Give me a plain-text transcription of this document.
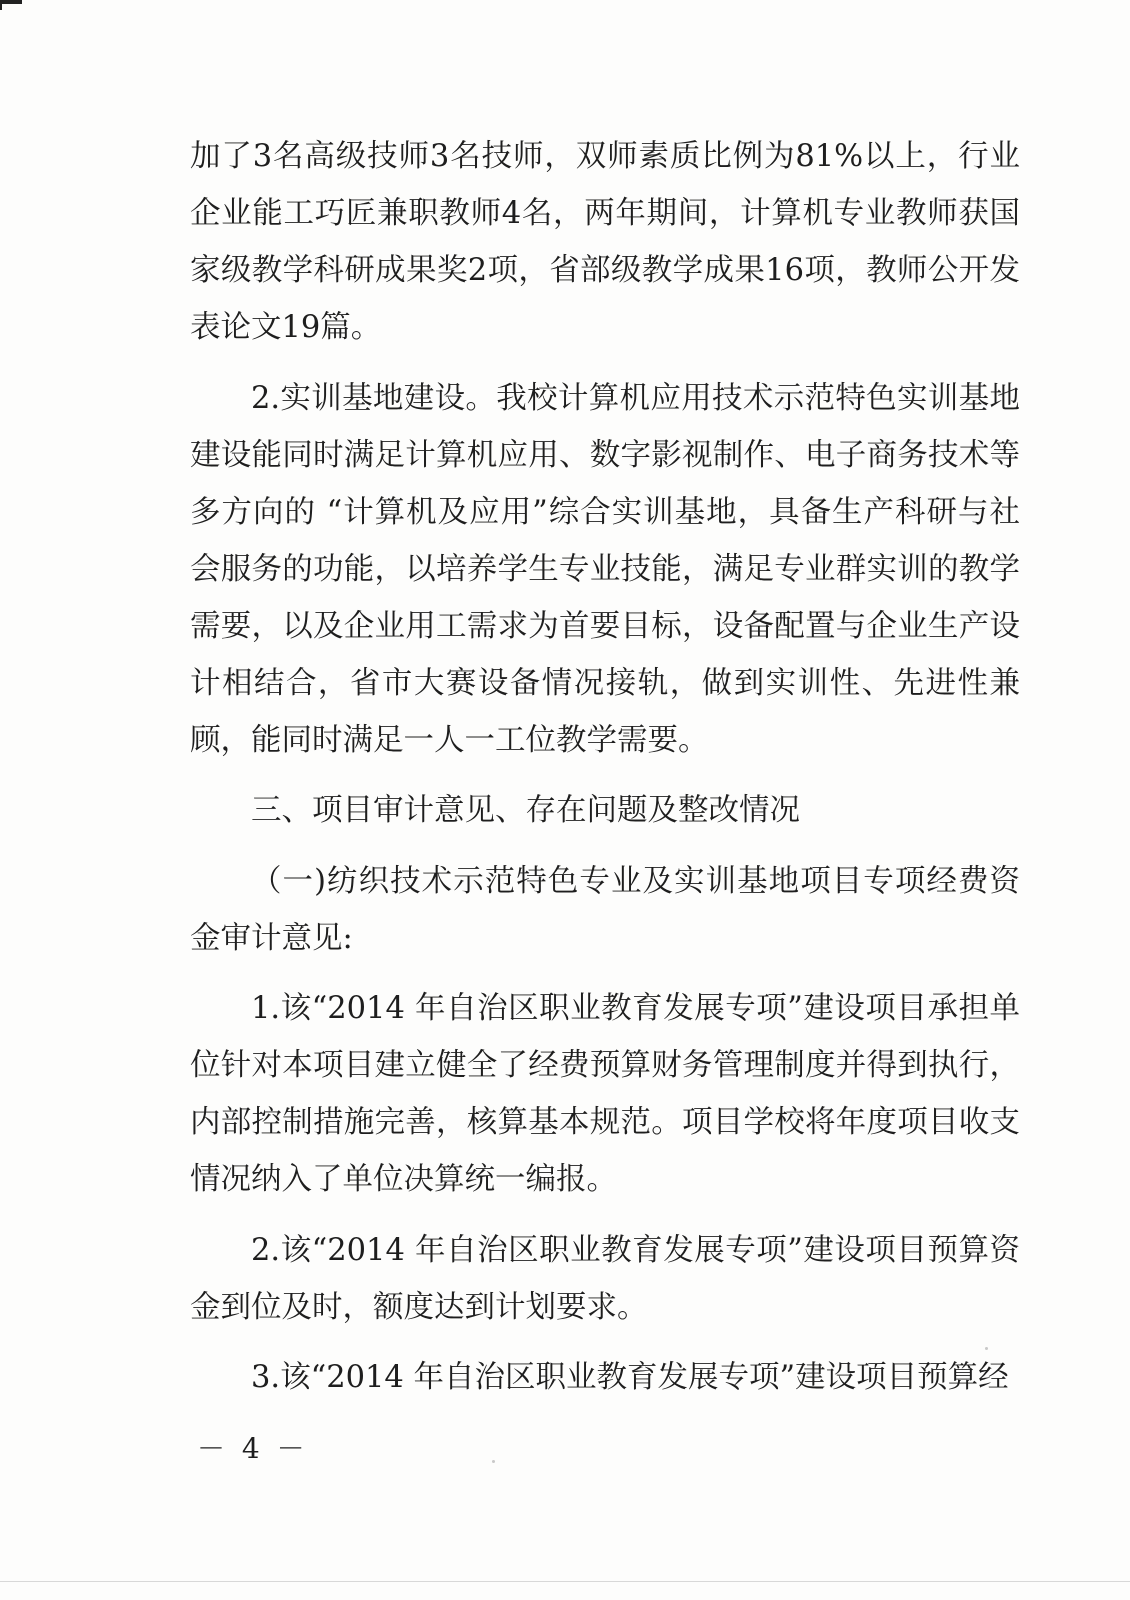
加了3名高级技师3名技师，双师素质比例为81%以上，行业企业能工巧匠兼职教师4名，两年期间，计算机专业教师获国家级教学科研成果奖2项，省部级教学成果16项，教师公开发表论文19篇。

2.实训基地建设。我校计算机应用技术示范特色实训基地建设能同时满足计算机应用、数字影视制作、电子商务技术等多方向的 “计算机及应用”综合实训基地，具备生产科研与社会服务的功能，以培养学生专业技能，满足专业群实训的教学需要，以及企业用工需求为首要目标，设备配置与企业生产设计相结合，省市大赛设备情况接轨，做到实训性、先进性兼顾，能同时满足一人一工位教学需要。

三、项目审计意见、存在问题及整改情况

（一)纺织技术示范特色专业及实训基地项目专项经费资金审计意见:

1.该“2014 年自治区职业教育发展专项”建设项目承担单位针对本项目建立健全了经费预算财务管理制度并得到执行，内部控制措施完善，核算基本规范。项目学校将年度项目收支情况纳入了单位决算统一编报。

2.该“2014 年自治区职业教育发展专项”建设项目预算资金到位及时，额度达到计划要求。

3.该“2014 年自治区职业教育发展专项”建设项目预算经

－ 4 －
